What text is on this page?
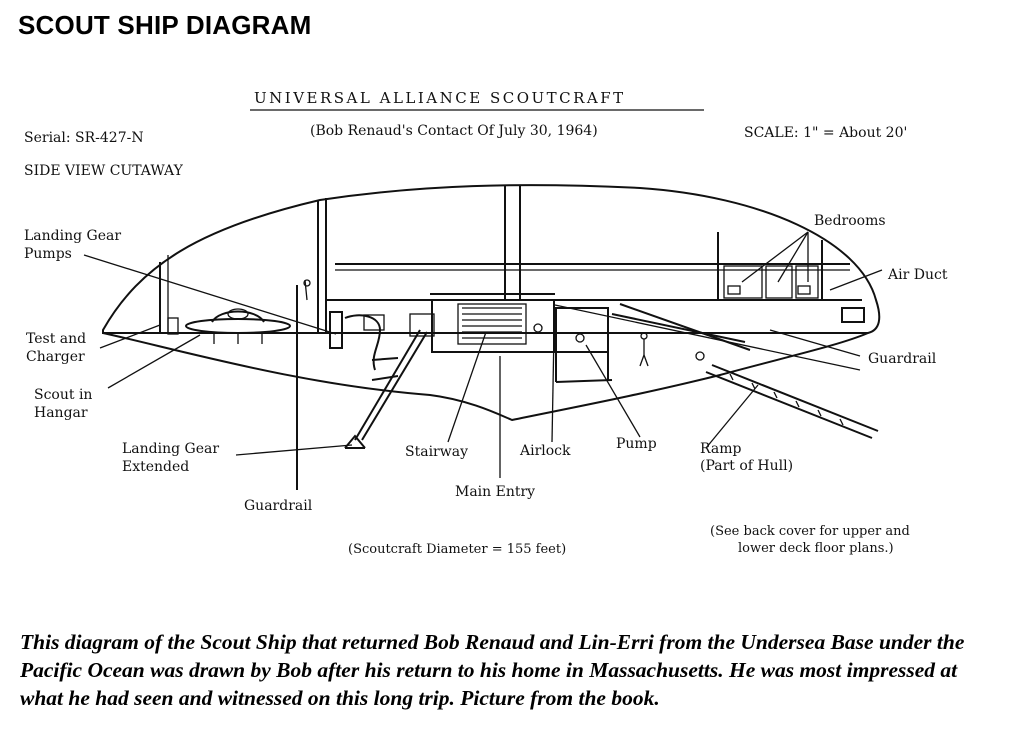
SCOUT SHIP DIAGRAM
UNIVERSAL ALLIANCE SCOUTCRAFT
Serial: SR-427-N	(Bob Renaud's Contact Of July 30, 1964)	SCALE: 1" = About 20'
SIDE VIEW CUTAWAY
Landing Gear
Pumps
Test and
Charger
Scout in
Hangar
Landing Gear
Extended
Guardrail
Stairway	Airlock	Pump
Main Entry
Ramp
(Part of Hull)
Bedrooms
Air Duct
Guardrail
(Scoutcraft Diameter = 155 feet)
(See back cover for upper and
lower deck floor plans.)
This diagram of the Scout Ship that returned Bob Renaud and Lin-Erri from the Undersea Base under the Pacific Ocean was drawn by Bob after his return to his home in Massachusetts. He was most impressed at what he had seen and witnessed on this long trip. Picture from the book.
